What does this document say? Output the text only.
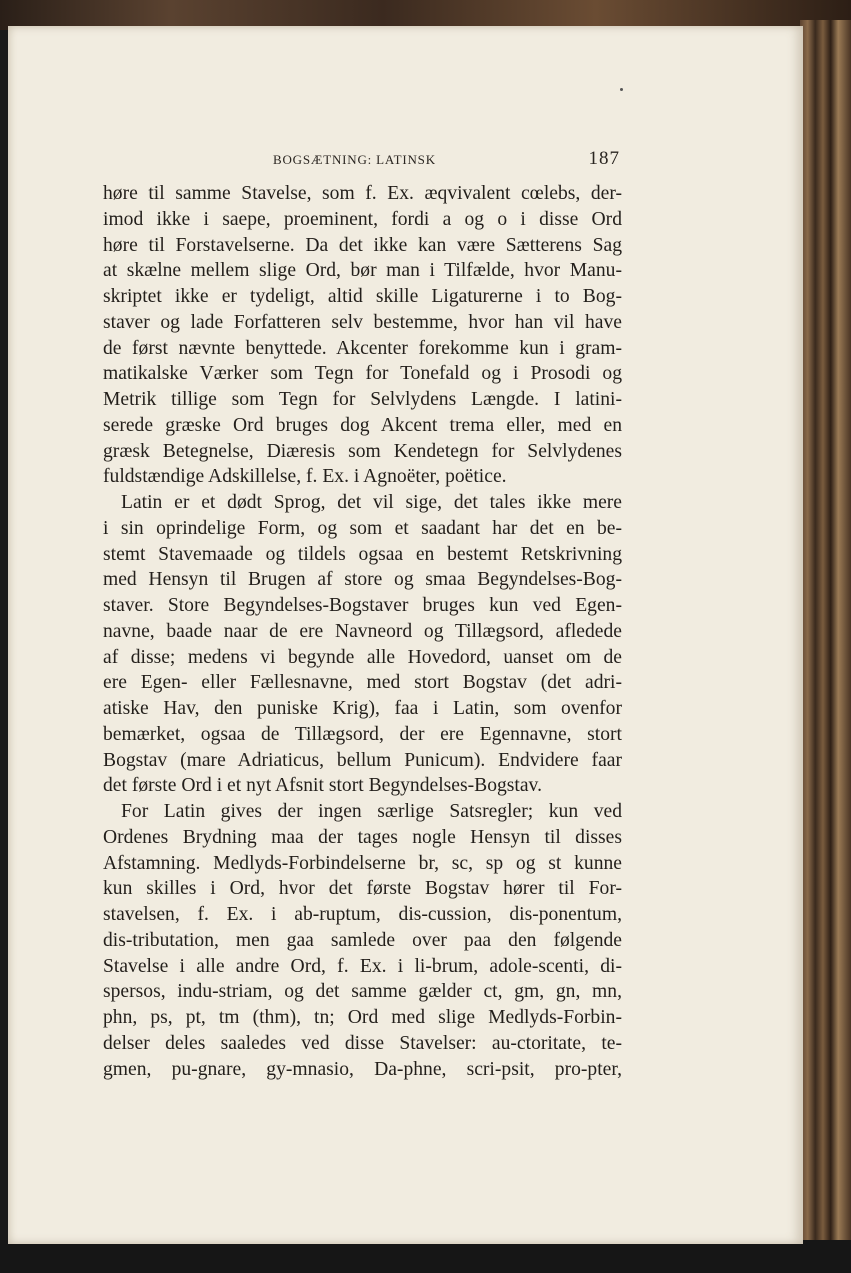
BOGSÆTNING: LATINSK	187
høre til samme Stavelse, som f. Ex. æqvivalent cœlebs, der-
imod ikke i saepe, proeminent, fordi a og o i disse Ord
høre til Forstavelserne. Da det ikke kan være Sætterens Sag
at skælne mellem slige Ord, bør man i Tilfælde, hvor Manu-
skriptet ikke er tydeligt, altid skille Ligaturerne i to Bog-
staver og lade Forfatteren selv bestemme, hvor han vil have
de først nævnte benyttede. Akcenter forekomme kun i gram-
matikalske Værker som Tegn for Tonefald og i Prosodi og
Metrik tillige som Tegn for Selvlydens Længde. I latini-
serede græske Ord bruges dog Akcent trema eller, med en
græsk Betegnelse, Diæresis som Kendetegn for Selvlydenes
fuldstændige Adskillelse, f. Ex. i Agnoëter, poëtice.
Latin er et dødt Sprog, det vil sige, det tales ikke mere
i sin oprindelige Form, og som et saadant har det en be-
stemt Stavemaade og tildels ogsaa en bestemt Retskrivning
med Hensyn til Brugen af store og smaa Begyndelses-Bog-
staver. Store Begyndelses-Bogstaver bruges kun ved Egen-
navne, baade naar de ere Navneord og Tillægsord, afledede
af disse; medens vi begynde alle Hovedord, uanset om de
ere Egen- eller Fællesnavne, med stort Bogstav (det adri-
atiske Hav, den puniske Krig), faa i Latin, som ovenfor
bemærket, ogsaa de Tillægsord, der ere Egennavne, stort
Bogstav (mare Adriaticus, bellum Punicum). Endvidere faar
det første Ord i et nyt Afsnit stort Begyndelses-Bogstav.
For Latin gives der ingen særlige Satsregler; kun ved
Ordenes Brydning maa der tages nogle Hensyn til disses
Afstamning. Medlyds-Forbindelserne br, sc, sp og st kunne
kun skilles i Ord, hvor det første Bogstav hører til For-
stavelsen, f. Ex. i ab-ruptum, dis-cussion, dis-ponentum,
dis-tributation, men gaa samlede over paa den følgende
Stavelse i alle andre Ord, f. Ex. i li-brum, adole-scenti, di-
spersos, indu-striam, og det samme gælder ct, gm, gn, mn,
phn, ps, pt, tm (thm), tn; Ord med slige Medlyds-Forbin-
delser deles saaledes ved disse Stavelser: au-ctoritate, te-
gmen, pu-gnare, gy-mnasio, Da-phne, scri-psit, pro-pter,
